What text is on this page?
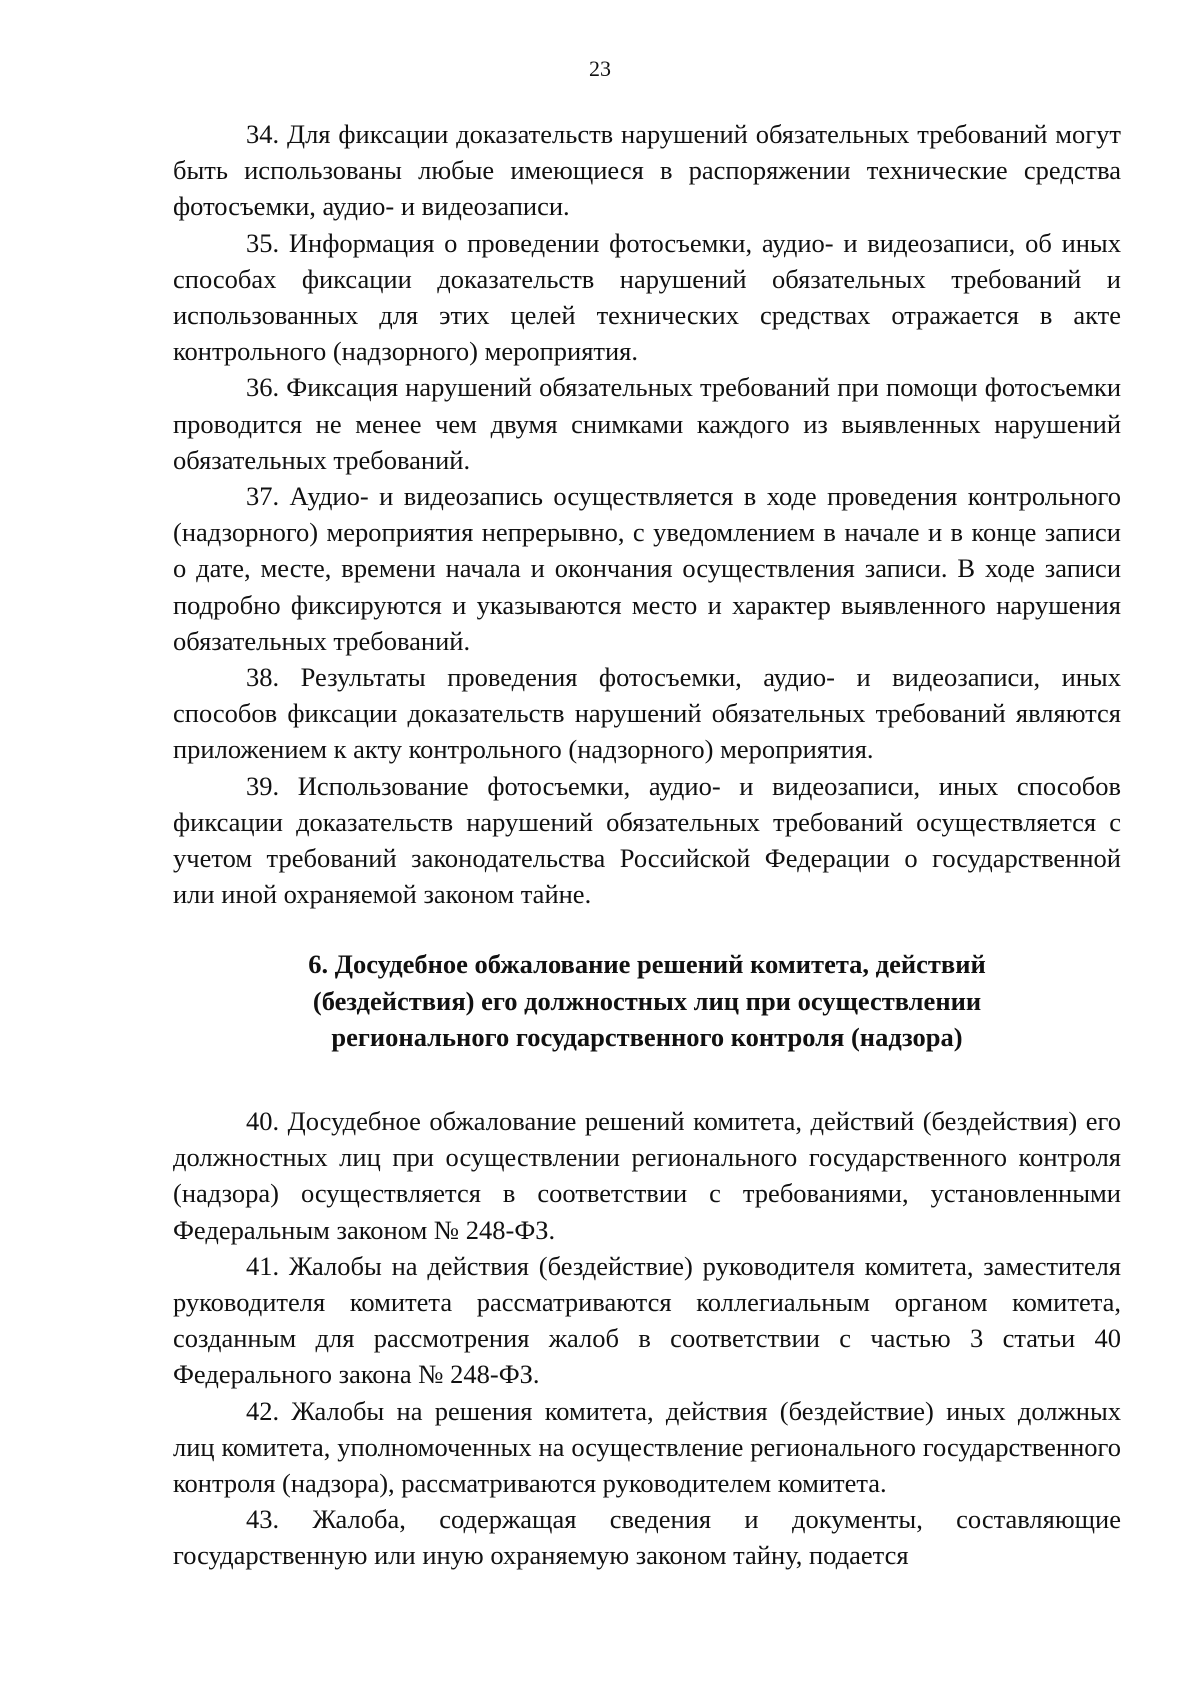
23

34. Для фиксации доказательств нарушений обязательных требований могут быть использованы любые имеющиеся в распоряжении технические средства фотосъемки, аудио- и видеозаписи.

35. Информация о проведении фотосъемки, аудио- и видеозаписи, об иных способах фиксации доказательств нарушений обязательных требований и использованных для этих целей технических средствах отражается в акте контрольного (надзорного) мероприятия.

36. Фиксация нарушений обязательных требований при помощи фотосъемки проводится не менее чем двумя снимками каждого из выявленных нарушений обязательных требований.

37. Аудио- и видеозапись осуществляется в ходе проведения контрольного (надзорного) мероприятия непрерывно, с уведомлением в начале и в конце записи о дате, месте, времени начала и окончания осуществления записи. В ходе записи подробно фиксируются и указываются место и характер выявленного нарушения обязательных требований.

38. Результаты проведения фотосъемки, аудио- и видеозаписи, иных способов фиксации доказательств нарушений обязательных требований являются приложением к акту контрольного (надзорного) мероприятия.

39. Использование фотосъемки, аудио- и видеозаписи, иных способов фиксации доказательств нарушений обязательных требований осуществляется с учетом требований законодательства Российской Федерации о государственной или иной охраняемой законом тайне.

6. Досудебное обжалование решений комитета, действий
(бездействия) его должностных лиц при осуществлении
регионального государственного контроля (надзора)

40. Досудебное обжалование решений комитета, действий (бездействия) его должностных лиц при осуществлении регионального государственного контроля (надзора) осуществляется в соответствии с требованиями, установленными Федеральным законом № 248-ФЗ.

41. Жалобы на действия (бездействие) руководителя комитета, заместителя руководителя комитета рассматриваются коллегиальным органом комитета, созданным для рассмотрения жалоб в соответствии с частью 3 статьи 40 Федерального закона № 248-ФЗ.

42. Жалобы на решения комитета, действия (бездействие) иных должных лиц комитета, уполномоченных на осуществление регионального государственного контроля (надзора), рассматриваются руководителем комитета.

43. Жалоба, содержащая сведения и документы, составляющие государственную или иную охраняемую законом тайну, подается
